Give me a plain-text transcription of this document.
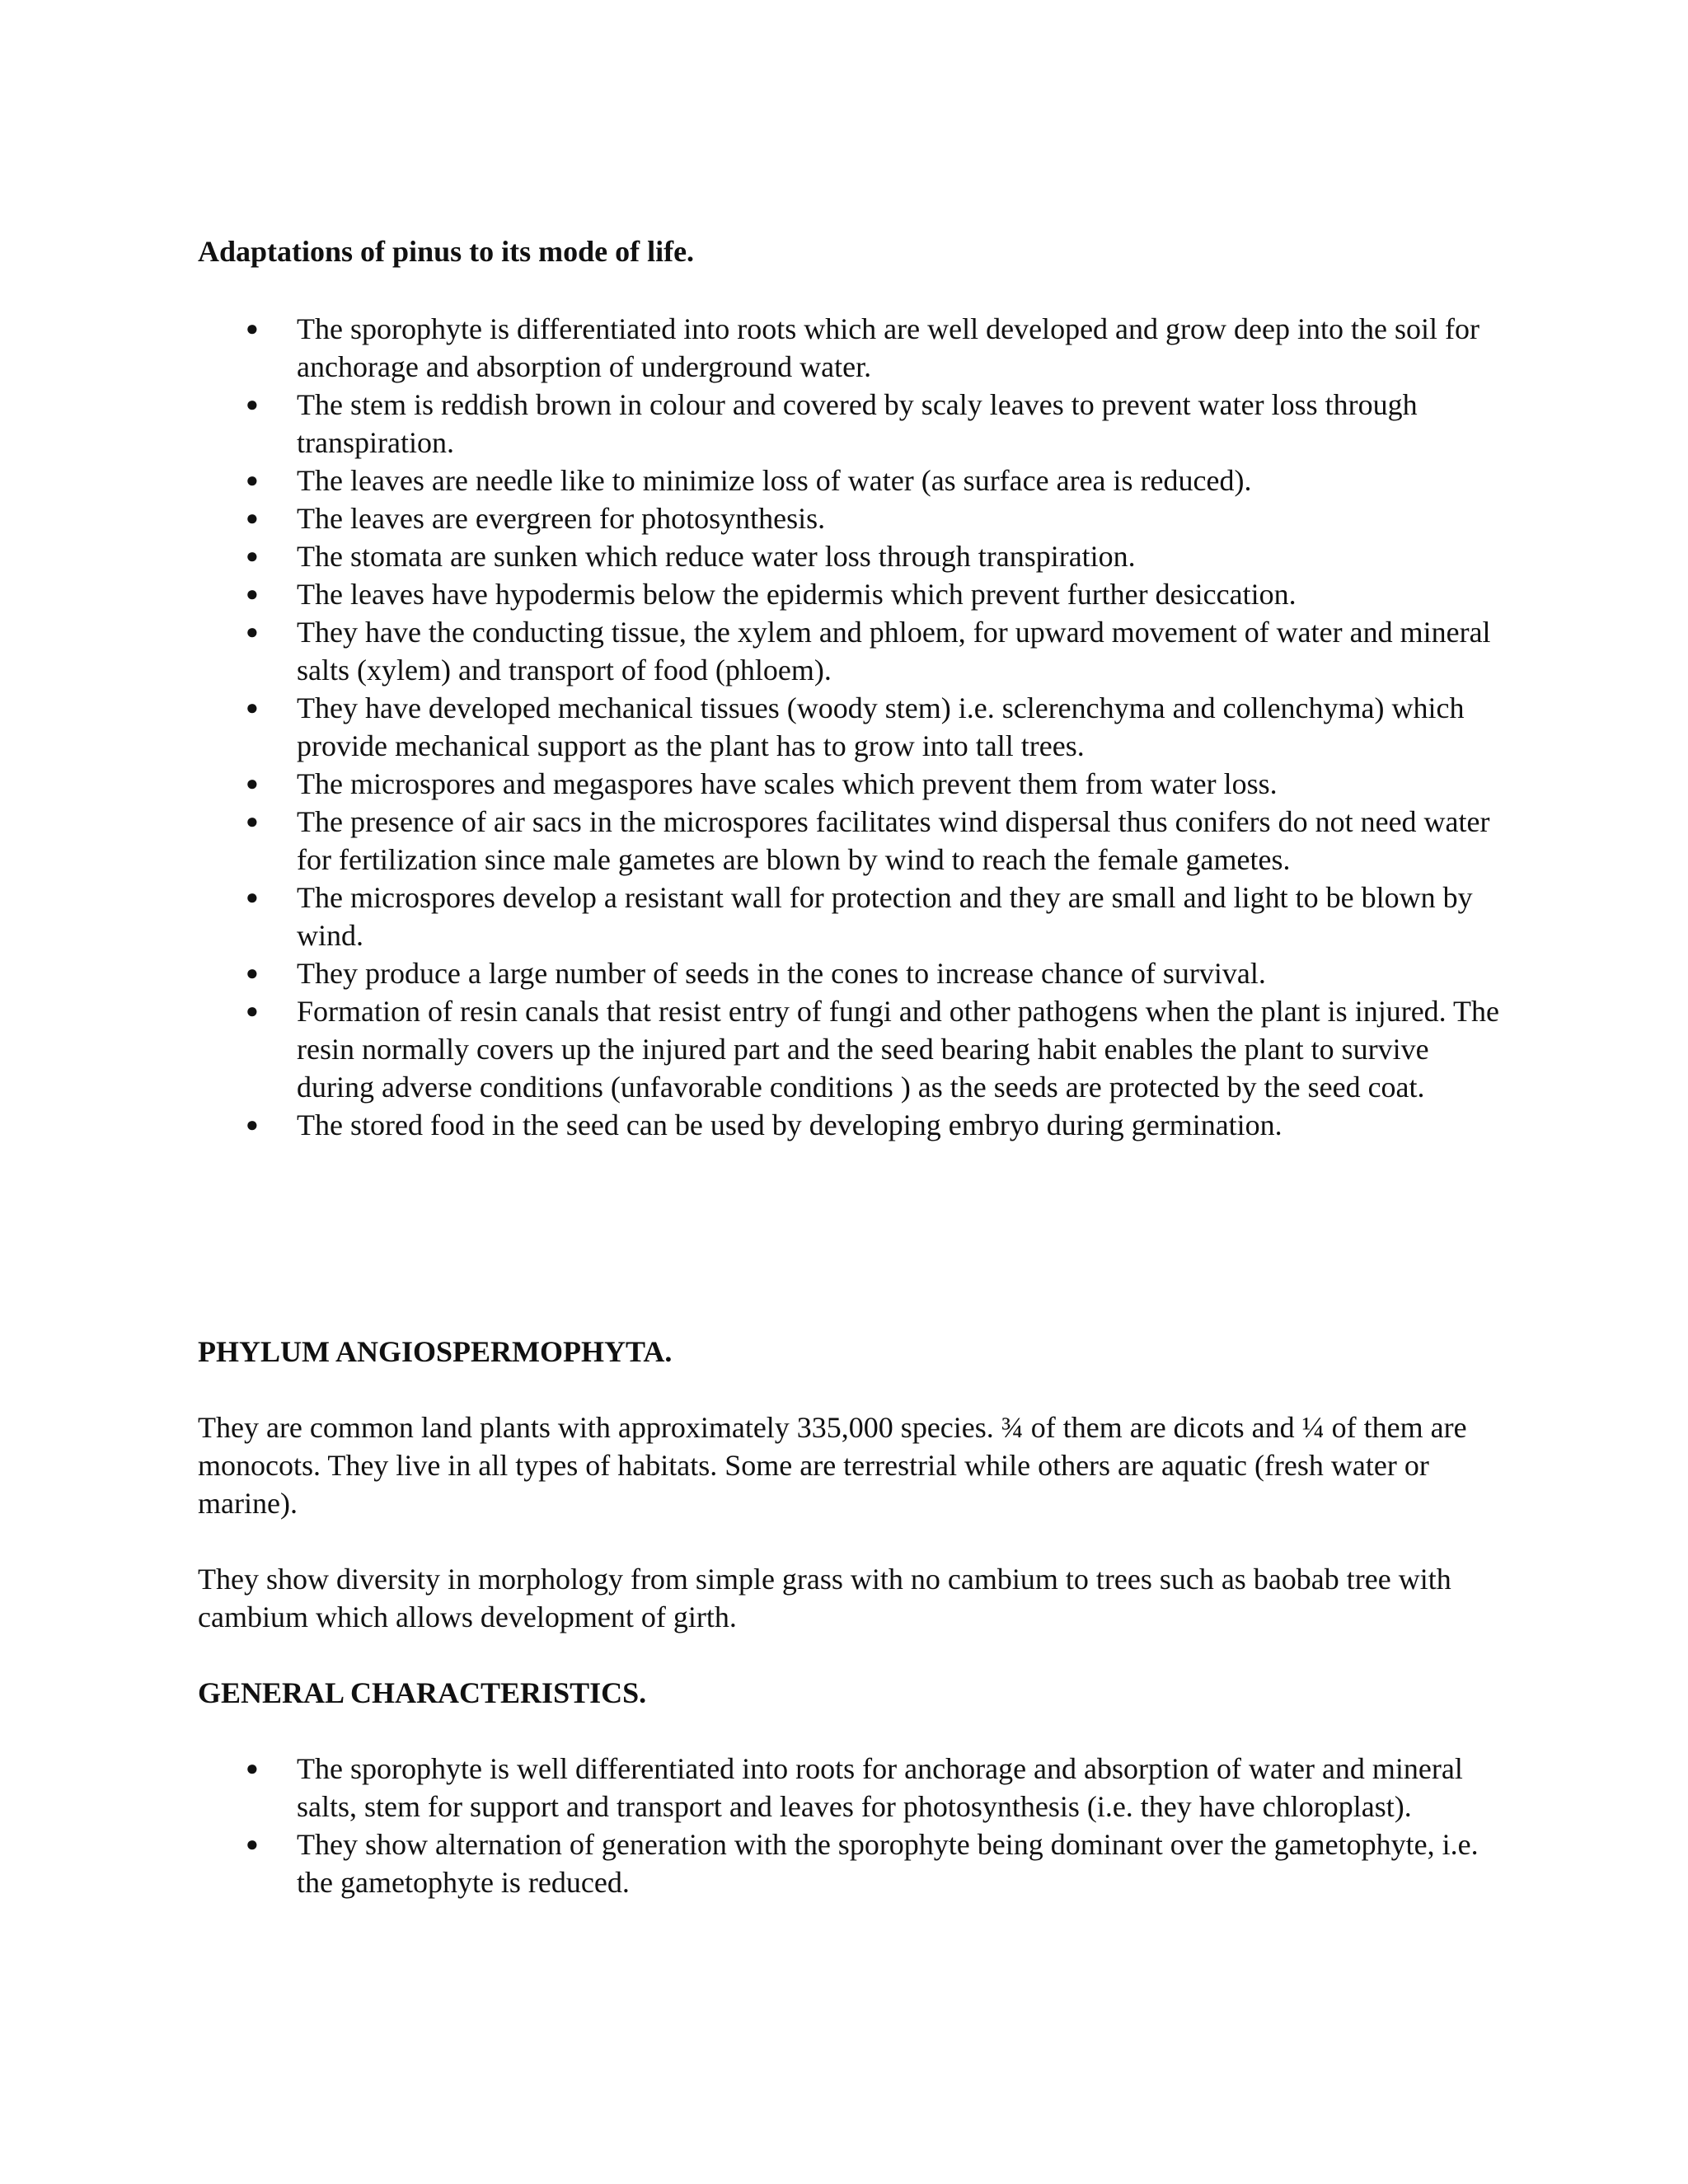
Adaptations of pinus to its mode of life.
● The sporophyte is differentiated into roots which are well developed and grow deep into the soil for anchorage and absorption of underground water.
● The stem is reddish brown in colour and covered by scaly leaves to prevent water loss through transpiration.
● The leaves are needle like to minimize loss of water (as surface area is reduced).
● The leaves are evergreen for photosynthesis.
● The stomata are sunken which reduce water loss through transpiration.
● The leaves have hypodermis below the epidermis which prevent further desiccation.
● They have the conducting tissue, the xylem and phloem, for upward movement of water and mineral salts (xylem) and transport of food (phloem).
● They have developed mechanical tissues (woody stem) i.e. sclerenchyma and collenchyma) which provide mechanical support as the plant has to grow into tall trees.
● The microspores and megaspores have scales which prevent them from water loss.
● The presence of air sacs in the microspores facilitates wind dispersal thus conifers do not need water for fertilization since male gametes are blown by wind to reach the female gametes.
● The microspores develop a resistant wall for protection and they are small and light to be blown by wind.
● They produce a large number of seeds in the cones to increase chance of survival.
● Formation of resin canals that resist entry of fungi and other pathogens when the plant is injured. The resin normally covers up the injured part and the seed bearing habit enables the plant to survive during adverse conditions (unfavorable conditions ) as the seeds are protected by the seed coat.
● The stored food in the seed can be used by developing embryo during germination.
PHYLUM ANGIOSPERMOPHYTA.

They are common land plants with approximately 335,000 species. ¾ of them are dicots and ¼ of them are monocots. They live in all types of habitats. Some are terrestrial while others are aquatic (fresh water or marine).

They show diversity in morphology from simple grass with no cambium to trees such as baobab tree with cambium which allows development of girth.

GENERAL CHARACTERISTICS.
● The sporophyte is well differentiated into roots for anchorage and absorption of water and mineral salts, stem for support and transport and leaves for photosynthesis (i.e. they have chloroplast).
● They show alternation of generation with the sporophyte being dominant over the gametophyte, i.e. the gametophyte is reduced.
